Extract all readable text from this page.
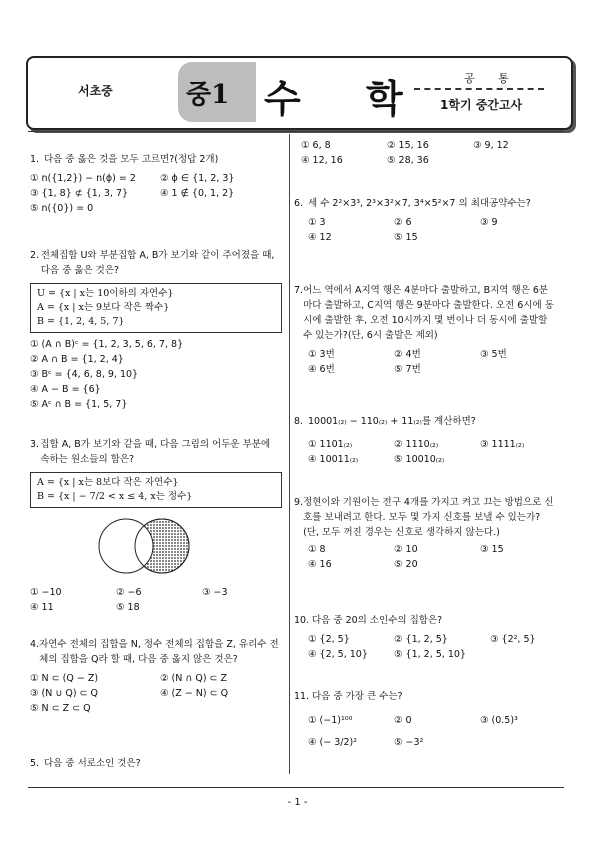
서초중	중1 수 학	공 통
1학기 중간고사
1. 다음 중 옳은 것을 모두 고르면?(정답 2개)
① n({1,2}) − n(ϕ) = 2	② ϕ ∈ {1, 2, 3}
③ {1, 8} ⊄ {1, 3, 7}	④ 1 ∉ {0, 1, 2}
⑤ n({0}) = 0
2. 전체집합 U와 부분집합 A, B가 보기와 같이 주어졌을 때, 다음 중 옳은 것은?
U = {x | x는 10이하의 자연수}
A = {x | x는 9보다 작은 짝수}
B = {1, 2, 4, 5, 7}
① (A ∩ B)ᶜ = {1, 2, 3, 5, 6, 7, 8}
② A ∩ B = {1, 2, 4}
③ Bᶜ = {4, 6, 8, 9, 10}
④ A − B = {6}
⑤ Aᶜ ∩ B = {1, 5, 7}
3. 집합 A, B가 보기와 같을 때, 다음 그림의 어두운 부분에 속하는 원소들의 합은?
A = {x | x는 8보다 작은 자연수}
B = {x | − 7/2 < x ≤ 4, x는 정수}
① −10	② −6	③ −3
④ 11	⑤ 18
4. 자연수 전체의 집합을 N, 정수 전체의 집합을 Z, 유리수 전체의 집합을 Q라 할 때, 다음 중 옳지 않은 것은?
① N ⊂ (Q − Z)	② (N ∩ Q) ⊂ Z
③ (N ∪ Q) ⊂ Q	④ (Z − N) ⊂ Q
⑤ N ⊂ Z ⊂ Q
5. 다음 중 서로소인 것은?
① 6, 8	② 15, 16	③ 9, 12
④ 12, 16	⑤ 28, 36
6. 세 수 2²×3³, 2³×3²×7, 3⁴×5²×7 의 최대공약수는?
① 3	② 6	③ 9
④ 12	⑤ 15
7. 어느 역에서 A지역 행은 4분마다 출발하고, B지역 행은 6분마다 출발하고, C지역 행은 9분마다 출발한다. 오전 6시에 동시에 출발한 후, 오전 10시까지 몇 번이나 더 동시에 출발할 수 있는가?(단, 6시 출발은 제외)
① 3번	② 4번	③ 5번
④ 6번	⑤ 7번
8. 10001₍₂₎ − 110₍₂₎ + 11₍₂₎를 계산하면?
① 1101₍₂₎	② 1110₍₂₎	③ 1111₍₂₎
④ 10011₍₂₎	⑤ 10010₍₂₎
9. 정현이와 기원이는 전구 4개를 가지고 켜고 끄는 방법으로 신호를 보내려고 한다. 모두 몇 가지 신호를 보낼 수 있는가?(단, 모두 꺼진 경우는 신호로 생각하지 않는다.)
① 8	② 10	③ 15
④ 16	⑤ 20
10. 다음 중 20의 소인수의 집합은?
① {2, 5}	② {1, 2, 5}	③ {2², 5}
④ {2, 5, 10}	⑤ {1, 2, 5, 10}
11. 다음 중 가장 큰 수는?
① (−1)¹⁰⁰	② 0	③ (0.5)³
④ (− 3/2)²	⑤ −3²
- 1 -
